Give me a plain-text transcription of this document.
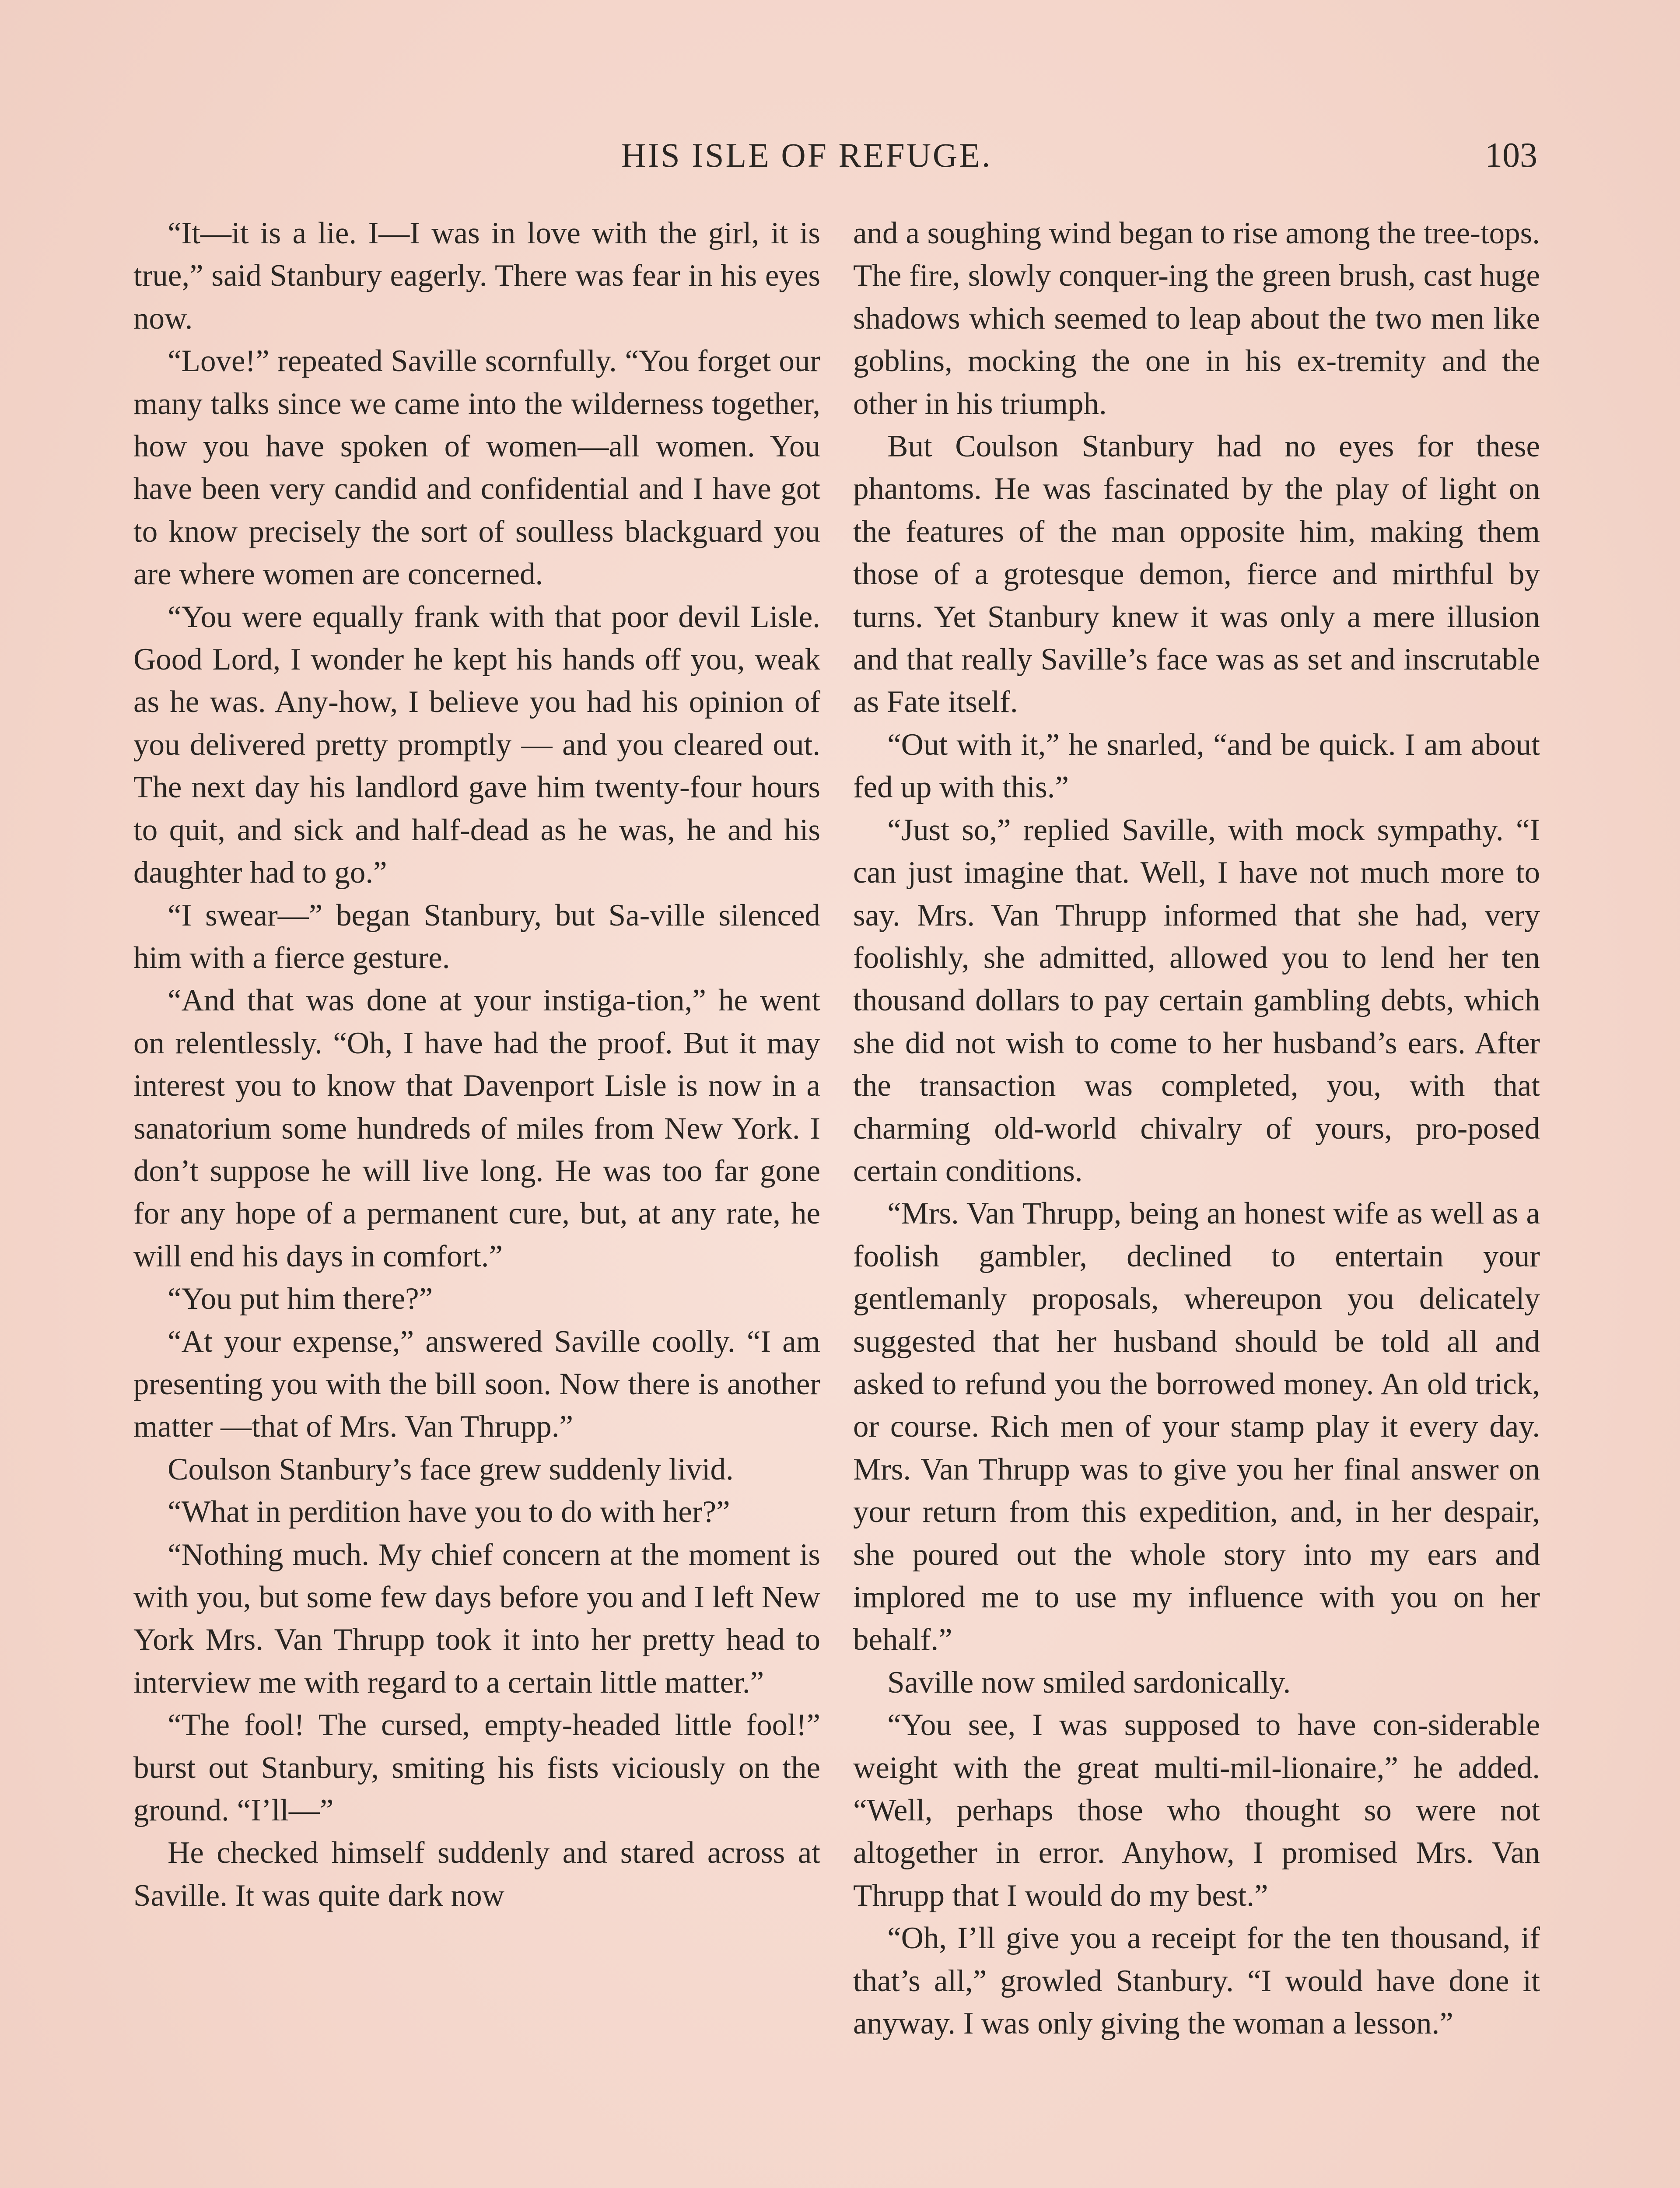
HIS ISLE OF REFUGE.	103

“It—it is a lie. I—I was in love with the girl, it is true,” said Stanbury eagerly. There was fear in his eyes now.

“Love!” repeated Saville scornfully. “You forget our many talks since we came into the wilderness together, how you have spoken of women—all women. You have been very candid and confidential and I have got to know precisely the sort of soulless blackguard you are where women are concerned.

“You were equally frank with that poor devil Lisle. Good Lord, I wonder he kept his hands off you, weak as he was. Any-how, I believe you had his opinion of you delivered pretty promptly — and you cleared out. The next day his landlord gave him twenty-four hours to quit, and sick and half-dead as he was, he and his daughter had to go.”

“I swear—” began Stanbury, but Sa-ville silenced him with a fierce gesture.

“And that was done at your instiga-tion,” he went on relentlessly. “Oh, I have had the proof. But it may interest you to know that Davenport Lisle is now in a sanatorium some hundreds of miles from New York. I don’t suppose he will live long. He was too far gone for any hope of a permanent cure, but, at any rate, he will end his days in comfort.”

“You put him there?”

“At your expense,” answered Saville coolly. “I am presenting you with the bill soon. Now there is another matter —that of Mrs. Van Thrupp.”

Coulson Stanbury’s face grew suddenly livid.

“What in perdition have you to do with her?”

“Nothing much. My chief concern at the moment is with you, but some few days before you and I left New York Mrs. Van Thrupp took it into her pretty head to interview me with regard to a certain little matter.”

“The fool! The cursed, empty-headed little fool!” burst out Stanbury, smiting his fists viciously on the ground. “I’ll—”

He checked himself suddenly and stared across at Saville. It was quite dark now

and a soughing wind began to rise among the tree-tops. The fire, slowly conquer-ing the green brush, cast huge shadows which seemed to leap about the two men like goblins, mocking the one in his ex-tremity and the other in his triumph.

But Coulson Stanbury had no eyes for these phantoms. He was fascinated by the play of light on the features of the man opposite him, making them those of a grotesque demon, fierce and mirthful by turns. Yet Stanbury knew it was only a mere illusion and that really Saville’s face was as set and inscrutable as Fate itself.

“Out with it,” he snarled, “and be quick. I am about fed up with this.”

“Just so,” replied Saville, with mock sympathy. “I can just imagine that. Well, I have not much more to say. Mrs. Van Thrupp informed that she had, very foolishly, she admitted, allowed you to lend her ten thousand dollars to pay certain gambling debts, which she did not wish to come to her husband’s ears. After the transaction was completed, you, with that charming old-world chivalry of yours, pro-posed certain conditions.

“Mrs. Van Thrupp, being an honest wife as well as a foolish gambler, declined to entertain your gentlemanly proposals, whereupon you delicately suggested that her husband should be told all and asked to refund you the borrowed money. An old trick, or course. Rich men of your stamp play it every day. Mrs. Van Thrupp was to give you her final answer on your return from this expedition, and, in her despair, she poured out the whole story into my ears and implored me to use my influence with you on her behalf.”

Saville now smiled sardonically.

“You see, I was supposed to have con-siderable weight with the great multi-mil-lionaire,” he added. “Well, perhaps those who thought so were not altogether in error. Anyhow, I promised Mrs. Van Thrupp that I would do my best.”

“Oh, I’ll give you a receipt for the ten thousand, if that’s all,” growled Stanbury. “I would have done it anyway. I was only giving the woman a lesson.”
